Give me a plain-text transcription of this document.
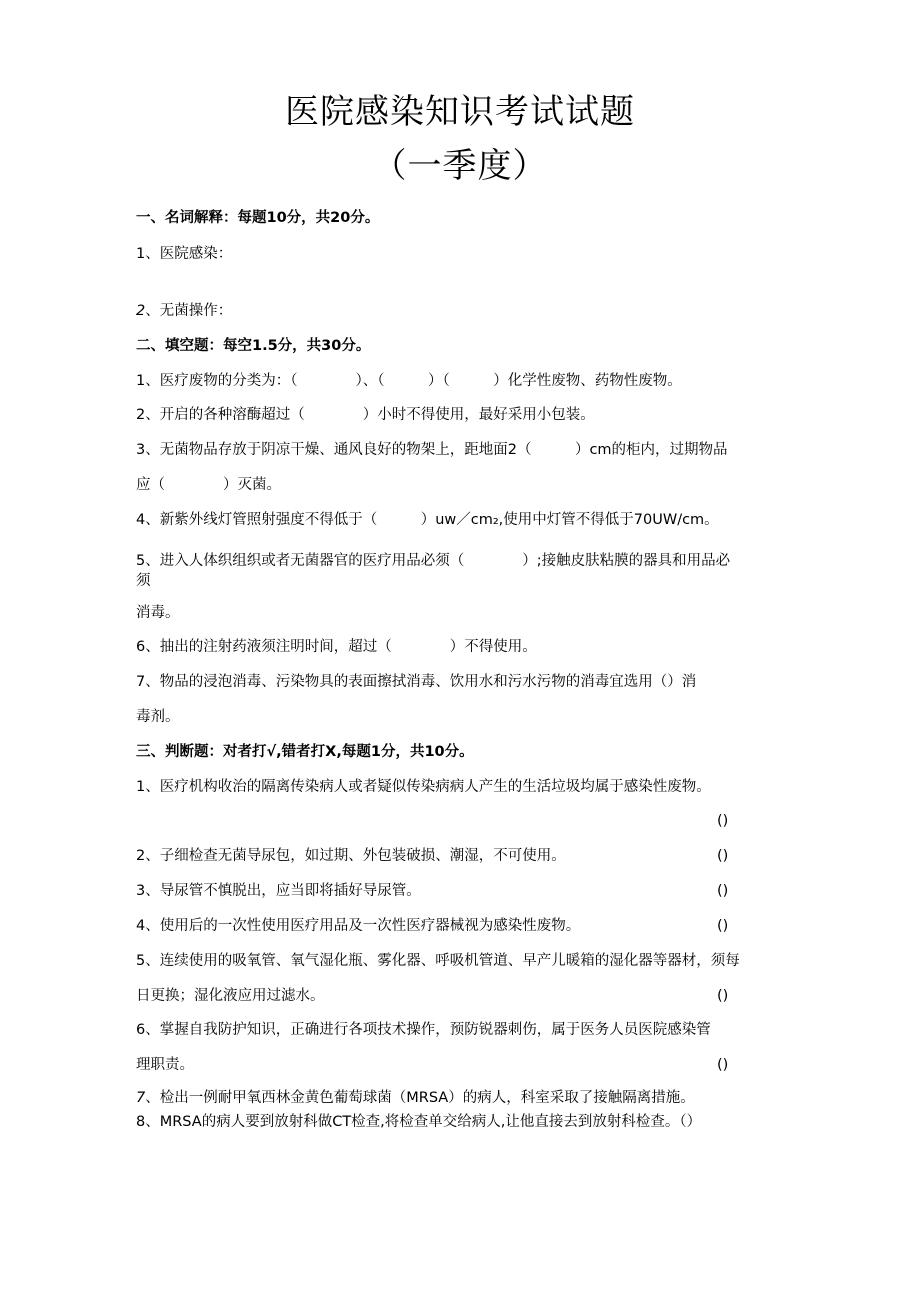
医院感染知识考试试题
（一季度）
一、名词解释：每题10分，共20分。
1、医院感染：
2、无菌操作：
二、填空题：每空1.5分，共30分。
1、医疗废物的分类为：（　　　　）、（　　　）（　　　）化学性废物、药物性废物。
2、开启的各种溶酶超过（　　　　）小时不得使用，最好采用小包装。
3、无菌物品存放于阴凉干燥、通风良好的物架上，距地面2（　　　）cm的柜内，过期物品
应（　　　　）灭菌。
4、新紫外线灯管照射强度不得低于（　　　）uw／cm₂,使用中灯管不得低于70UW/cm。
5、进入人体织组织或者无菌器官的医疗用品必须（　　　　）;接触皮肤粘膜的器具和用品必
须
消毒。
6、抽出的注射药液须注明时间，超过（　　　　）不得使用。
7、物品的浸泡消毒、污染物具的表面擦拭消毒、饮用水和污水污物的消毒宜选用（）消
毒剂。
三、判断题：对者打√,错者打X,每题1分，共10分。
1、医疗机构收治的隔离传染病人或者疑似传染病病人产生的生活垃圾均属于感染性废物。
()
2、子细检查无菌导尿包，如过期、外包装破损、潮湿，不可使用。	()
3、导尿管不慎脱出，应当即将插好导尿管。	()
4、使用后的一次性使用医疗用品及一次性医疗器械视为感染性废物。	()
5、连续使用的吸氧管、氧气湿化瓶、雾化器、呼吸机管道、早产儿暖箱的湿化器等器材，须每
日更换；湿化液应用过滤水。	()
6、掌握自我防护知识，正确进行各项技术操作，预防锐器刺伤，属于医务人员医院感染管
理职责。	()
7、检出一例耐甲氧西林金黄色葡萄球菌（MRSA）的病人，科室采取了接触隔离措施。
8、MRSA的病人要到放射科做CT检查,将检查单交给病人,让他直接去到放射科检查。（）
